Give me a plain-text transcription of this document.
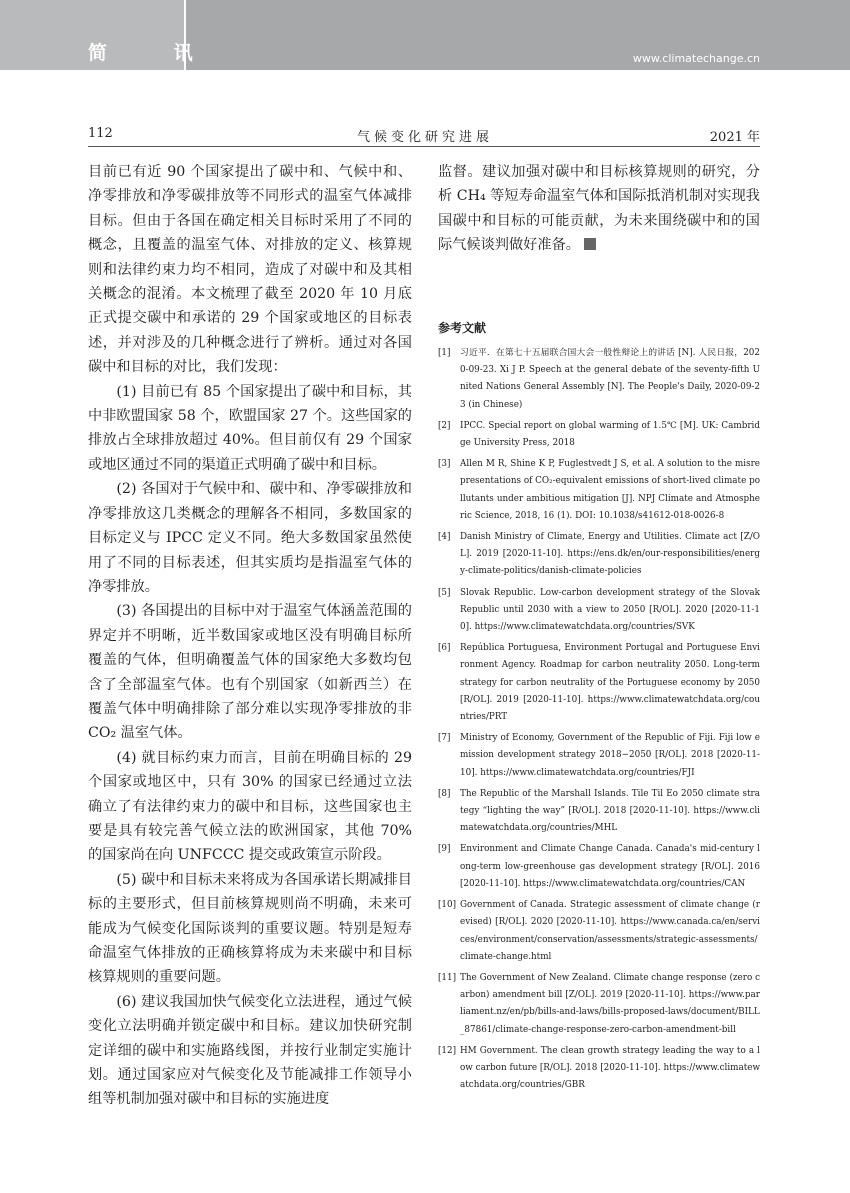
简 讯	www.climatechange.cn
112	气候变化研究进展	2021 年

目前已有近 90 个国家提出了碳中和、气候中和、净零排放和净零碳排放等不同形式的温室气体减排目标。但由于各国在确定相关目标时采用了不同的概念，且覆盖的温室气体、对排放的定义、核算规则和法律约束力均不相同，造成了对碳中和及其相关概念的混淆。本文梳理了截至 2020 年 10 月底正式提交碳中和承诺的 29 个国家或地区的目标表述，并对涉及的几种概念进行了辨析。通过对各国碳中和目标的对比，我们发现：

(1) 目前已有 85 个国家提出了碳中和目标，其中非欧盟国家 58 个，欧盟国家 27 个。这些国家的排放占全球排放超过 40%。但目前仅有 29 个国家或地区通过不同的渠道正式明确了碳中和目标。

(2) 各国对于气候中和、碳中和、净零碳排放和净零排放这几类概念的理解各不相同，多数国家的目标定义与 IPCC 定义不同。绝大多数国家虽然使用了不同的目标表述，但其实质均是指温室气体的净零排放。

(3) 各国提出的目标中对于温室气体涵盖范围的界定并不明晰，近半数国家或地区没有明确目标所覆盖的气体，但明确覆盖气体的国家绝大多数均包含了全部温室气体。也有个别国家（如新西兰）在覆盖气体中明确排除了部分难以实现净零排放的非 CO₂ 温室气体。

(4) 就目标约束力而言，目前在明确目标的 29 个国家或地区中，只有 30% 的国家已经通过立法确立了有法律约束力的碳中和目标，这些国家也主要是具有较完善气候立法的欧洲国家，其他 70% 的国家尚在向 UNFCCC 提交或政策宣示阶段。

(5) 碳中和目标未来将成为各国承诺长期减排目标的主要形式，但目前核算规则尚不明确，未来可能成为气候变化国际谈判的重要议题。特别是短寿命温室气体排放的正确核算将成为未来碳中和目标核算规则的重要问题。

(6) 建议我国加快气候变化立法进程，通过气候变化立法明确并锁定碳中和目标。建议加快研究制定详细的碳中和实施路线图，并按行业制定实施计划。通过国家应对气候变化及节能减排工作领导小组等机制加强对碳中和目标的实施进度

监督。建议加强对碳中和目标核算规则的研究，分析 CH₄ 等短寿命温室气体和国际抵消机制对实现我国碳中和目标的可能贡献，为未来围绕碳中和的国际气候谈判做好准备。

参考文献
[1]	习近平．在第七十五届联合国大会一般性辩论上的讲话 [N]. 人民日报，2020-09-23. Xi J P. Speech at the general debate of the seventy-fifth United Nations General Assembly [N]. The People's Daily, 2020-09-23 (in Chinese)
[2]	IPCC. Special report on global warming of 1.5℃ [M]. UK: Cambridge University Press, 2018
[3]	Allen M R, Shine K P, Fuglestvedt J S, et al. A solution to the misrepresentations of CO₂-equivalent emissions of short-lived climate pollutants under ambitious mitigation [J]. NPJ Climate and Atmospheric Science, 2018, 16 (1). DOI: 10.1038/s41612-018-0026-8
[4]	Danish Ministry of Climate, Energy and Utilities. Climate act [Z/OL]. 2019 [2020-11-10]. https://ens.dk/en/our-responsibilities/energy-climate-politics/danish-climate-policies
[5]	Slovak Republic. Low-carbon development strategy of the Slovak Republic until 2030 with a view to 2050 [R/OL]. 2020 [2020-11-10]. https://www.climatewatchdata.org/countries/SVK
[6]	República Portuguesa, Environment Portugal and Portuguese Environment Agency. Roadmap for carbon neutrality 2050. Long-term strategy for carbon neutrality of the Portuguese economy by 2050 [R/OL]. 2019 [2020-11-10]. https://www.climatewatchdata.org/countries/PRT
[7]	Ministry of Economy, Government of the Republic of Fiji. Fiji low emission development strategy 2018−2050 [R/OL]. 2018 [2020-11-10]. https://www.climatewatchdata.org/countries/FJI
[8]	The Republic of the Marshall Islands. Tile Til Eo 2050 climate strategy “lighting the way” [R/OL]. 2018 [2020-11-10]. https://www.climatewatchdata.org/countries/MHL
[9]	Environment and Climate Change Canada. Canada's mid-century long-term low-greenhouse gas development strategy [R/OL]. 2016 [2020-11-10]. https://www.climatewatchdata.org/countries/CAN
[10] Government of Canada. Strategic assessment of climate change (revised) [R/OL]. 2020 [2020-11-10]. https://www.canada.ca/en/services/environment/conservation/assessments/strategic-assessments/climate-change.html
[11] The Government of New Zealand. Climate change response (zero carbon) amendment bill [Z/OL]. 2019 [2020-11-10]. https://www.parliament.nz/en/pb/bills-and-laws/bills-proposed-laws/document/BILL_87861/climate-change-response-zero-carbon-amendment-bill
[12] HM Government. The clean growth strategy leading the way to a low carbon future [R/OL]. 2018 [2020-11-10]. https://www.climatewatchdata.org/countries/GBR
